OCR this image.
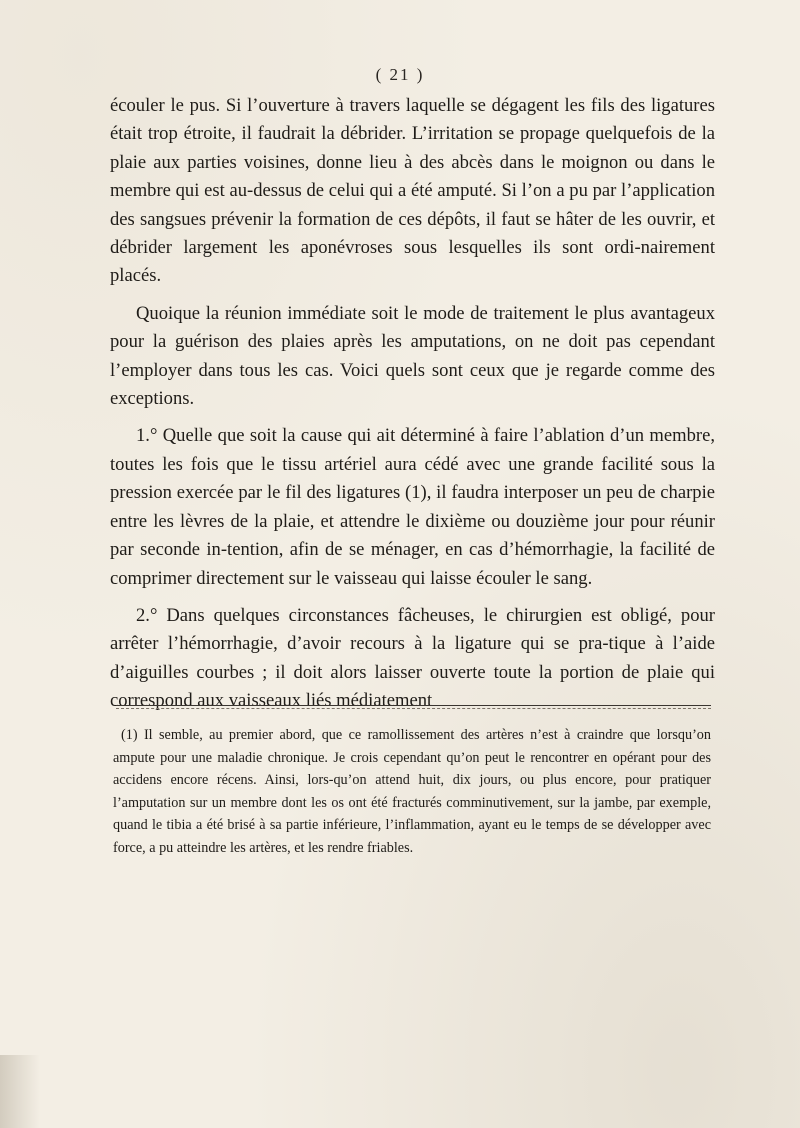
( 21 )

écouler le pus. Si l’ouverture à travers laquelle se dégagent les fils des ligatures était trop étroite, il faudrait la débrider. L’irritation se propage quelquefois de la plaie aux parties voisines, donne lieu à des abcès dans le moignon ou dans le membre qui est au-dessus de celui qui a été amputé. Si l’on a pu par l’application des sangsues prévenir la formation de ces dépôts, il faut se hâter de les ouvrir, et débrider largement les aponévroses sous lesquelles ils sont ordi-nairement placés.

Quoique la réunion immédiate soit le mode de traitement le plus avantageux pour la guérison des plaies après les amputations, on ne doit pas cependant l’employer dans tous les cas. Voici quels sont ceux que je regarde comme des exceptions.

1.° Quelle que soit la cause qui ait déterminé à faire l’ablation d’un membre, toutes les fois que le tissu artériel aura cédé avec une grande facilité sous la pression exercée par le fil des ligatures (1), il faudra interposer un peu de charpie entre les lèvres de la plaie, et attendre le dixième ou douzième jour pour réunir par seconde in-tention, afin de se ménager, en cas d’hémorrhagie, la facilité de comprimer directement sur le vaisseau qui laisse écouler le sang.

2.° Dans quelques circonstances fâcheuses, le chirurgien est obligé, pour arrêter l’hémorrhagie, d’avoir recours à la ligature qui se pra-tique à l’aide d’aiguilles courbes ; il doit alors laisser ouverte toute la portion de plaie qui correspond aux vaisseaux liés médiatement

(1) Il semble, au premier abord, que ce ramollissement des artères n’est à craindre que lorsqu’on ampute pour une maladie chronique. Je crois cependant qu’on peut le rencontrer en opérant pour des accidens encore récens. Ainsi, lors-qu’on attend huit, dix jours, ou plus encore, pour pratiquer l’amputation sur un membre dont les os ont été fracturés comminutivement, sur la jambe, par exemple, quand le tibia a été brisé à sa partie inférieure, l’inflammation, ayant eu le temps de se développer avec force, a pu atteindre les artères, et les rendre friables.
